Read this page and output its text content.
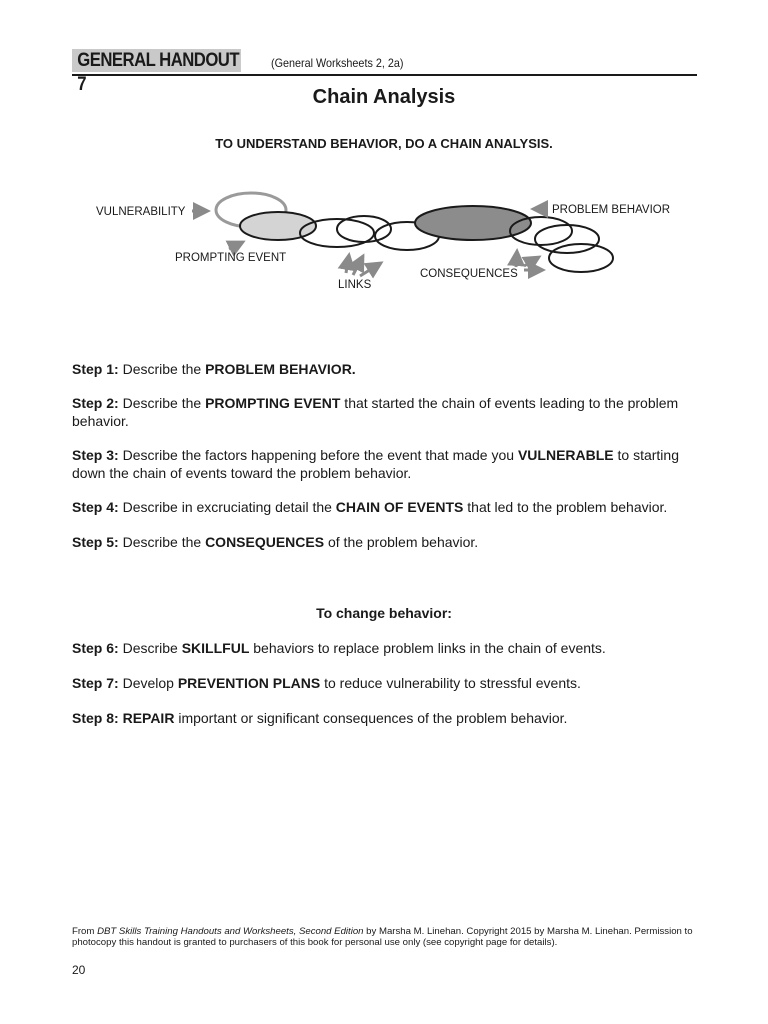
GENERAL HANDOUT 7
(General Worksheets 2, 2a)
Chain Analysis
TO UNDERSTAND BEHAVIOR, DO A CHAIN ANALYSIS.
VULNERABILITY
PROMPTING EVENT
LINKS
CONSEQUENCES
PROBLEM BEHAVIOR
Step 1: Describe the PROBLEM BEHAVIOR.
Step 2: Describe the PROMPTING EVENT that started the chain of events leading to the problem behavior.
Step 3: Describe the factors happening before the event that made you VULNERABLE to starting down the chain of events toward the problem behavior.
Step 4: Describe in excruciating detail the CHAIN OF EVENTS that led to the problem behavior.
Step 5: Describe the CONSEQUENCES of the problem behavior.
To change behavior:
Step 6: Describe SKILLFUL behaviors to replace problem links in the chain of events.
Step 7: Develop PREVENTION PLANS to reduce vulnerability to stressful events.
Step 8: REPAIR important or significant consequences of the problem behavior.
From DBT Skills Training Handouts and Worksheets, Second Edition by Marsha M. Linehan. Copyright 2015 by Marsha M. Linehan. Permission to photocopy this handout is granted to purchasers of this book for personal use only (see copyright page for details).
20
